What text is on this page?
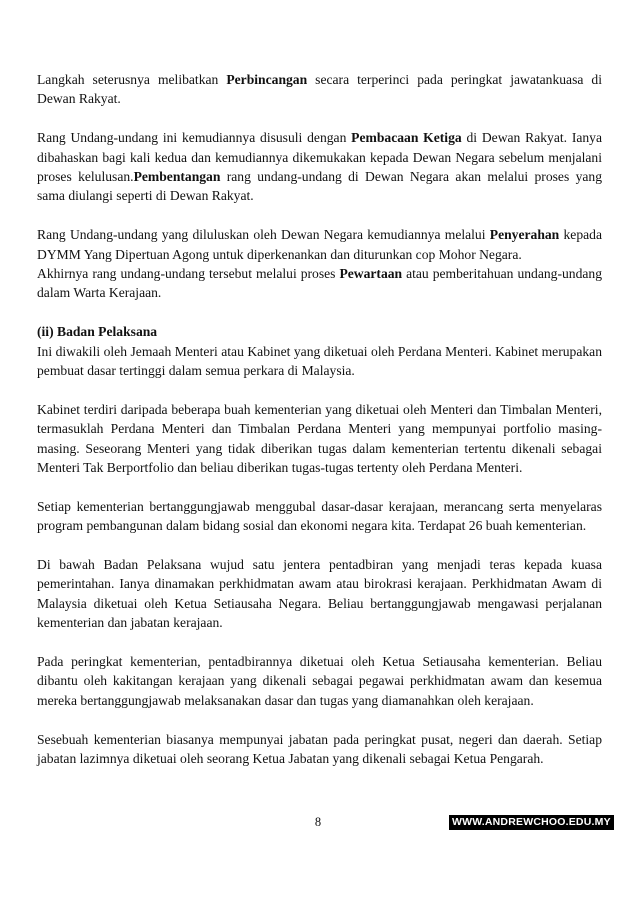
Langkah seterusnya melibatkan Perbincangan secara terperinci pada peringkat jawatankuasa di Dewan Rakyat.

Rang Undang-undang ini kemudiannya disusuli dengan Pembacaan Ketiga di Dewan Rakyat. Ianya dibahaskan bagi kali kedua dan kemudiannya dikemukakan kepada Dewan Negara sebelum menjalani proses kelulusan.Pembentangan rang undang-undang di Dewan Negara akan melalui proses yang sama diulangi seperti di Dewan Rakyat.

Rang Undang-undang yang diluluskan oleh Dewan Negara kemudiannya melalui Penyerahan kepada DYMM Yang Dipertuan Agong untuk diperkenankan dan diturunkan cop Mohor Negara.

Akhirnya rang undang-undang tersebut melalui proses Pewartaan atau pemberitahuan undang-undang dalam Warta Kerajaan.

(ii) Badan Pelaksana

Ini diwakili oleh Jemaah Menteri atau Kabinet yang diketuai oleh Perdana Menteri. Kabinet merupakan pembuat dasar tertinggi dalam semua perkara di Malaysia.

Kabinet terdiri daripada beberapa buah kementerian yang diketuai oleh Menteri dan Timbalan Menteri, termasuklah Perdana Menteri dan Timbalan Perdana Menteri yang mempunyai portfolio masing-masing. Seseorang Menteri yang tidak diberikan tugas dalam kementerian tertentu dikenali sebagai Menteri Tak Berportfolio dan beliau diberikan tugas-tugas tertenty oleh Perdana Menteri.

Setiap kementerian bertanggungjawab menggubal dasar-dasar kerajaan, merancang serta menyelaras program pembangunan dalam bidang sosial dan ekonomi negara kita. Terdapat 26 buah kementerian.

Di bawah Badan Pelaksana wujud satu jentera pentadbiran yang menjadi teras kepada kuasa pemerintahan. Ianya dinamakan perkhidmatan awam atau birokrasi kerajaan. Perkhidmatan Awam di Malaysia diketuai oleh Ketua Setiausaha Negara. Beliau bertanggungjawab mengawasi perjalanan kementerian dan jabatan kerajaan.

Pada peringkat kementerian, pentadbirannya diketuai oleh Ketua Setiausaha kementerian. Beliau dibantu oleh kakitangan kerajaan yang dikenali sebagai pegawai perkhidmatan awam dan kesemua mereka bertanggungjawab melaksanakan dasar dan tugas yang diamanahkan oleh kerajaan.

Sesebuah kementerian biasanya mempunyai jabatan pada peringkat pusat, negeri dan daerah. Setiap jabatan lazimnya diketuai oleh seorang Ketua Jabatan yang dikenali sebagai Ketua Pengarah.

8	WWW.ANDREWCHOO.EDU.MY
